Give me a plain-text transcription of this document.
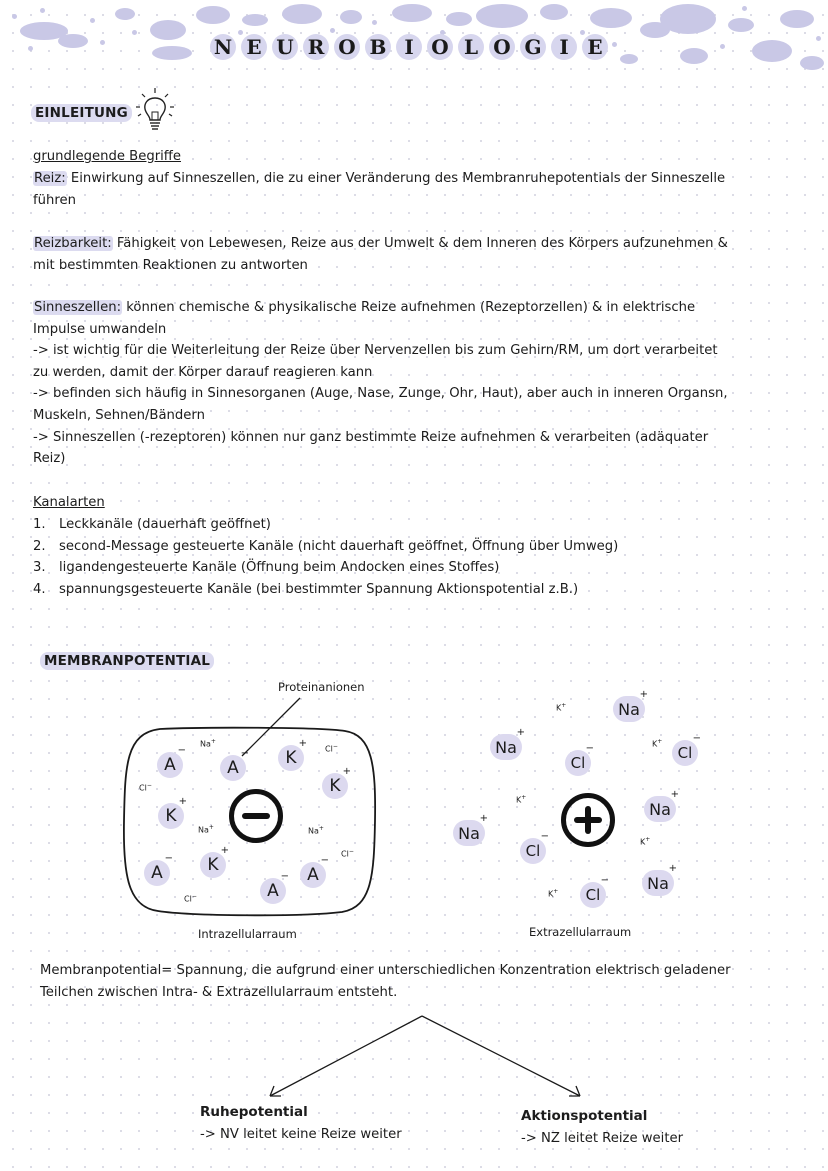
N E U R O B I O L O G I E
EINLEITUNG
grundlegende Begriffe
Reiz: Einwirkung auf Sinneszellen, die zu einer Veränderung des Membranruhepotentials der Sinneszelle
führen
Reizbarkeit: Fähigkeit von Lebewesen, Reize aus der Umwelt & dem Inneren des Körpers aufzunehmen &
mit bestimmten Reaktionen zu antworten
Sinneszellen: können chemische & physikalische Reize aufnehmen (Rezeptorzellen) & in elektrische
Impulse umwandeln
-> ist wichtig für die Weiterleitung der Reize über Nervenzellen bis zum Gehirn/RM, um dort verarbeitet
zu werden, damit der Körper darauf reagieren kann
-> befinden sich häufig in Sinnesorganen (Auge, Nase, Zunge, Ohr, Haut), aber auch in inneren Organsn,
Muskeln, Sehnen/Bändern
-> Sinneszellen (-rezeptoren) können nur ganz bestimmte Reize aufnehmen & verarbeiten (adäquater
Reiz)
Kanalarten
1. Leckkanäle (dauerhaft geöffnet)
2. second-Message gesteuerte Kanäle (nicht dauerhaft geöffnet, Öffnung über Umweg)
3. ligandengesteuerte Kanäle (Öffnung beim Andocken eines Stoffes)
4. spannungsgesteuerte Kanäle (bei bestimmter Spannung Aktionspotential z.B.)
MEMBRANPOTENTIAL
Proteinanionen
A
−
A
− K
+
K
+
K
+
K
+
A
−
A
− A
−
Na+
Cl−
Cl−
Na+	Na+
Cl−
Cl−
Intrazellularraum
Na
+
Na
+
Cl
−	Cl
−
Na
+
Na
+
Cl
−
Na
+
Cl
−
K+
K+
K+
K+
K+
Extrazellularraum
Membranpotential= Spannung, die aufgrund einer unterschiedlichen Konzentration elektrisch geladener
Teilchen zwischen Intra- & Extrazellularraum entsteht.
Ruhepotential
-> NV leitet keine Reize weiter
Aktionspotential
-> NZ leitet Reize weiter
